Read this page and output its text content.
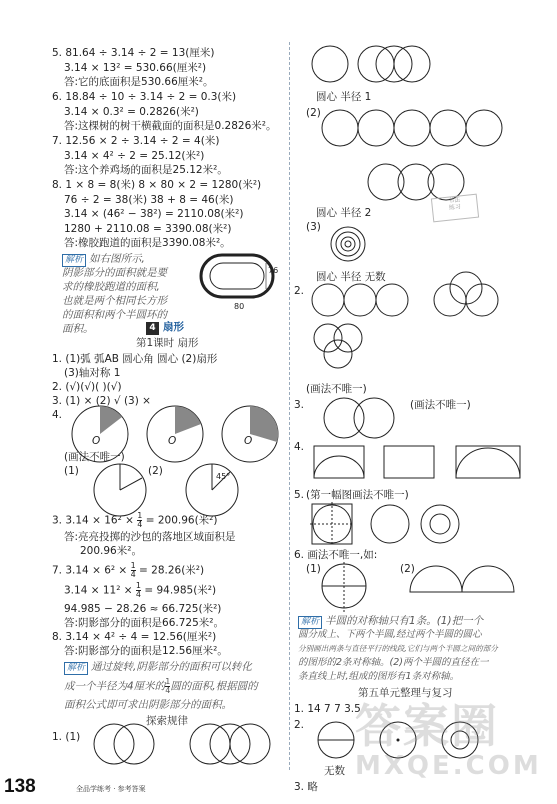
5. 81.64 ÷ 3.14 ÷ 2 = 13(厘米)
3.14 × 13² = 530.66(厘米²)
答:它的底面积是530.66厘米²。
6. 18.84 ÷ 10 ÷ 3.14 ÷ 2 = 0.3(米)
3.14 × 0.3² = 0.2826(米²)
答:这棵树的树干横截面的面积是0.2826米²。
7. 12.56 × 2 ÷ 3.14 ÷ 2 = 4(米)
3.14 × 4² ÷ 2 = 25.12(米²)
答:这个养鸡场的面积是25.12米²。
8. 1 × 8 = 8(米) 8 × 80 × 2 = 1280(米²)
76 ÷ 2 = 38(米) 38 + 8 = 46(米)
3.14 × (46² − 38²) = 2110.08(米²)
1280 + 2110.08 = 3390.08(米²)
答:橡胶跑道的面积是3390.08米²。
解析 如右图所示,
阴影部分的面积就是要
求的橡胶跑道的面积,
也就是两个相同长方形
的面积和两个半圆环的
面积。
76
80
4 扇形
第1课时 扇形
1. (1)弧 弧AB 圆心角 圆心 (2)扇形
(3)轴对称 1
2. (√)(√)( )(√)
3. (1) × (2) √ (3) ×
4.
O	O	O
(画法不唯一)
(1)	(2)	45°
3. $3.14 \times 16^2 \times \frac{1}{4} = 200.96$(米²)
答:亮亮投掷的沙包的落地区域面积是
200.96米²。
7. $3.14 \times 6^2 \times \frac{1}{4} = 28.26$(米²)
$3.14 \times 11^2 \times \frac{1}{4} = 94.985$(米²)
94.985 − 28.26 ≈ 66.725(米²)
答:阴影部分的面积是66.725米²。
8. 3.14 × 4² ÷ 4 = 12.56(厘米²)
答:阴影部分的面积是12.56厘米²。
解析 通过旋转,阴影部分的面积可以转化
成一个半径为4厘米的$\frac{1}{4}$圆的面积,根据圆的
面积公式即可求出阴影部分的面积。
探索规律
1. (1)
圆心 半径 1
(2)
圆心 半径 2
(3)
圆心 半径 无数
2.
(画法不唯一)
3.	(画法不唯一)
4.
5. (第一幅图画法不唯一)
6. 画法不唯一,如:
(1)	(2)
解析 半圆的对称轴只有1条。(1)把一个
圆分成上、下两个半圆,经过两个半圆的圆心
分别画出两条与直径平行的线段,它们与两个半圆之间的部分
的图形的2条对称轴。(2)两个半圆的直径在一
条直线上时,组成的图形有1条对称轴。
第五单元整理与复习
1. 14 7 7 3.5
2.
无数
3. 略
书法
练习
答案圈
MXQE.COM
138	全品学练考 · 参考答案
